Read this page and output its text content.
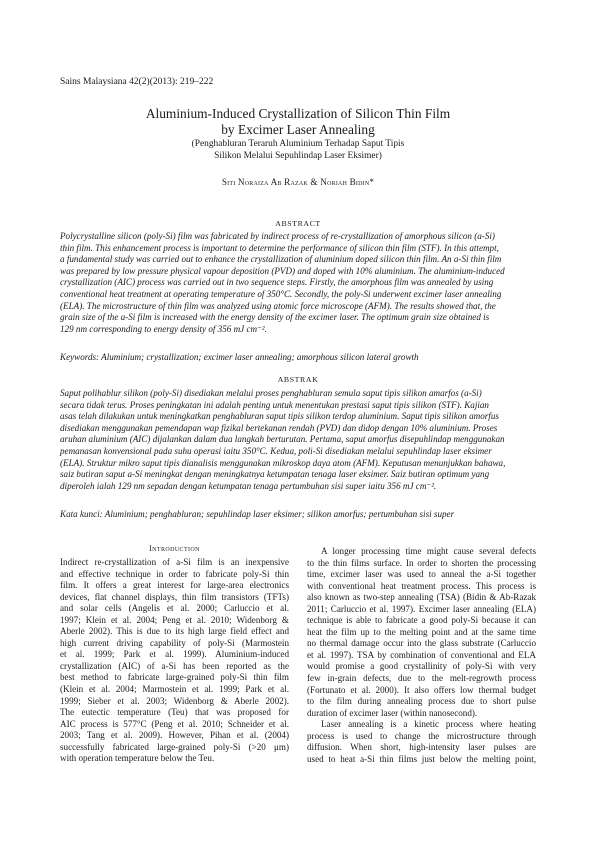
Sains Malaysiana 42(2)(2013): 219–222
Aluminium-Induced Crystallization of Silicon Thin Film
by Excimer Laser Annealing
(Penghabluran Teraruh Aluminium Terhadap Saput Tipis
Silikon Melalui Sepuhlindap Laser Eksimer)
Siti Noraiza Ab Razak & Noriah Bidin*
ABSTRACT
Polycrystalline silicon (poly-Si) film was fabricated by indirect process of re-crystallization of amorphous silicon (a-Si)
thin film. This enhancement process is important to determine the performance of silicon thin film (STF). In this attempt,
a fundamental study was carried out to enhance the crystallization of aluminium doped silicon thin film. An a-Si thin film
was prepared by low pressure physical vapour deposition (PVD) and doped with 10% aluminium. The aluminium-induced
crystallization (AIC) process was carried out in two sequence steps. Firstly, the amorphous film was annealed by using
conventional heat treatment at operating temperature of 350°C. Secondly, the poly-Si underwent excimer laser annealing
(ELA). The microstructure of thin film was analyzed using atomic force microscope (AFM). The results showed that, the
grain size of the a-Si film is increased with the energy density of the excimer laser. The optimum grain size obtained is
129 nm corresponding to energy density of 356 mJ cm⁻².
Keywords: Aluminium; crystallization; excimer laser annealing; amorphous silicon lateral growth
ABSTRAK
Saput polihablur silikon (poly-Si) disediakan melalui proses penghabluran semula saput tipis silikon amarfos (a-Si)
secara tidak terus. Proses peningkatan ini adalah penting untuk menentukan prestasi saput tipis silikon (STF). Kajian
asas telah dilakukan untuk meningkatkan penghabluran saput tipis silikon terdop aluminium. Saput tipis silikon amorfus
disediakan menggunakan pemendapan wap fizikal bertekanan rendah (PVD) dan didop dengan 10% aluminium. Proses
aruhan aluminium (AIC) dijalankan dalam dua langkah berturutan. Pertama, saput amorfus disepuhlindap menggunakan
pemanasan konvensional pada suhu operasi iaitu 350°C. Kedua, poli-Si disediakan melalui sepuhlindap laser eksimer
(ELA). Struktur mikro saput tipis dianalisis menggunakan mikroskop daya atom (AFM). Keputusan menunjukkan bahawa,
saiz butiran saput a-Si meningkat dengan meningkatnya ketumpatan tenaga laser eksimer. Saiz butiran optimum yang
diperoleh ialah 129 nm sepadan dengan ketumpatan tenaga pertumbuhan sisi super iaitu 356 mJ cm⁻².
Kata kunci: Aluminium; penghabluran; sepuhlindap laser eksimer; silikon amorfus; pertumbuhan sisi super
Introduction
Indirect re-crystallization of a-Si film is an inexpensive
and effective technique in order to fabricate poly-Si thin
film. It offers a great interest for large-area electronics
devices, flat channel displays, thin film transistors (TFTs)
and solar cells (Angelis et al. 2000; Carluccio et al.
1997; Klein et al. 2004; Peng et al. 2010; Widenborg &
Aberle 2002). This is due to its high large field effect and
high current driving capability of poly-Si (Marmostein
et al. 1999; Park et al. 1999). Aluminium-induced
crystallization (AIC) of a-Si has been reported as the
best method to fabricate large-grained poly-Si thin film
(Klein et al. 2004; Marmostein et al. 1999; Park et al.
1999; Sieber et al. 2003; Widenborg & Aberle 2002).
The eutectic temperature (Teu) that was proposed for
AIC process is 577°C (Peng et al. 2010; Schneider et al.
2003; Tang et al. 2009). However, Pihan et al. (2004)
successfully fabricated large-grained poly-Si (>20 μm)
with operation temperature below the Teu.
A longer processing time might cause several defects
to the thin films surface. In order to shorten the processing
time, excimer laser was used to anneal the a-Si together
with conventional heat treatment process. This process is
also known as two-step annealing (TSA) (Bidin & Ab-Razak
2011; Carluccio et al. 1997). Excimer laser annealing (ELA)
technique is able to fabricate a good poly-Si because it can
heat the film up to the melting point and at the same time
no thermal damage occur into the glass substrate (Carluccio
et al. 1997). TSA by combination of conventional and ELA
would promise a good crystallinity of poly-Si with very
few in-grain defects, due to the melt-regrowth process
(Fortunato et al. 2000). It also offers low thermal budget
to the film during annealing process due to short pulse
duration of excimer laser (within nanosecond).
Laser annealing is a kinetic process where heating
process is used to change the microstructure through
diffusion. When short, high-intensity laser pulses are
used to heat a-Si thin films just below the melting point,
